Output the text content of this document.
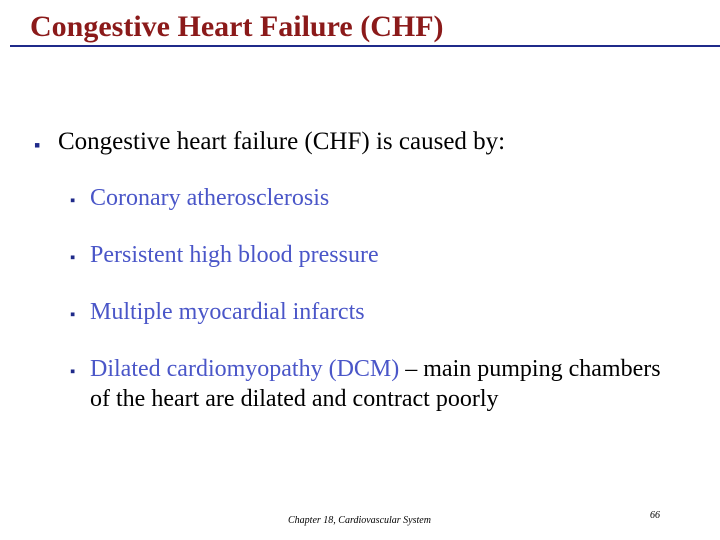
Congestive Heart Failure (CHF)
▪ Congestive heart failure (CHF) is caused by:
▪ Coronary atherosclerosis
▪ Persistent high blood pressure
▪ Multiple myocardial infarcts
▪ Dilated cardiomyopathy (DCM) – main pumping chambers of the heart are dilated and contract poorly
Chapter 18, Cardiovascular System	66
